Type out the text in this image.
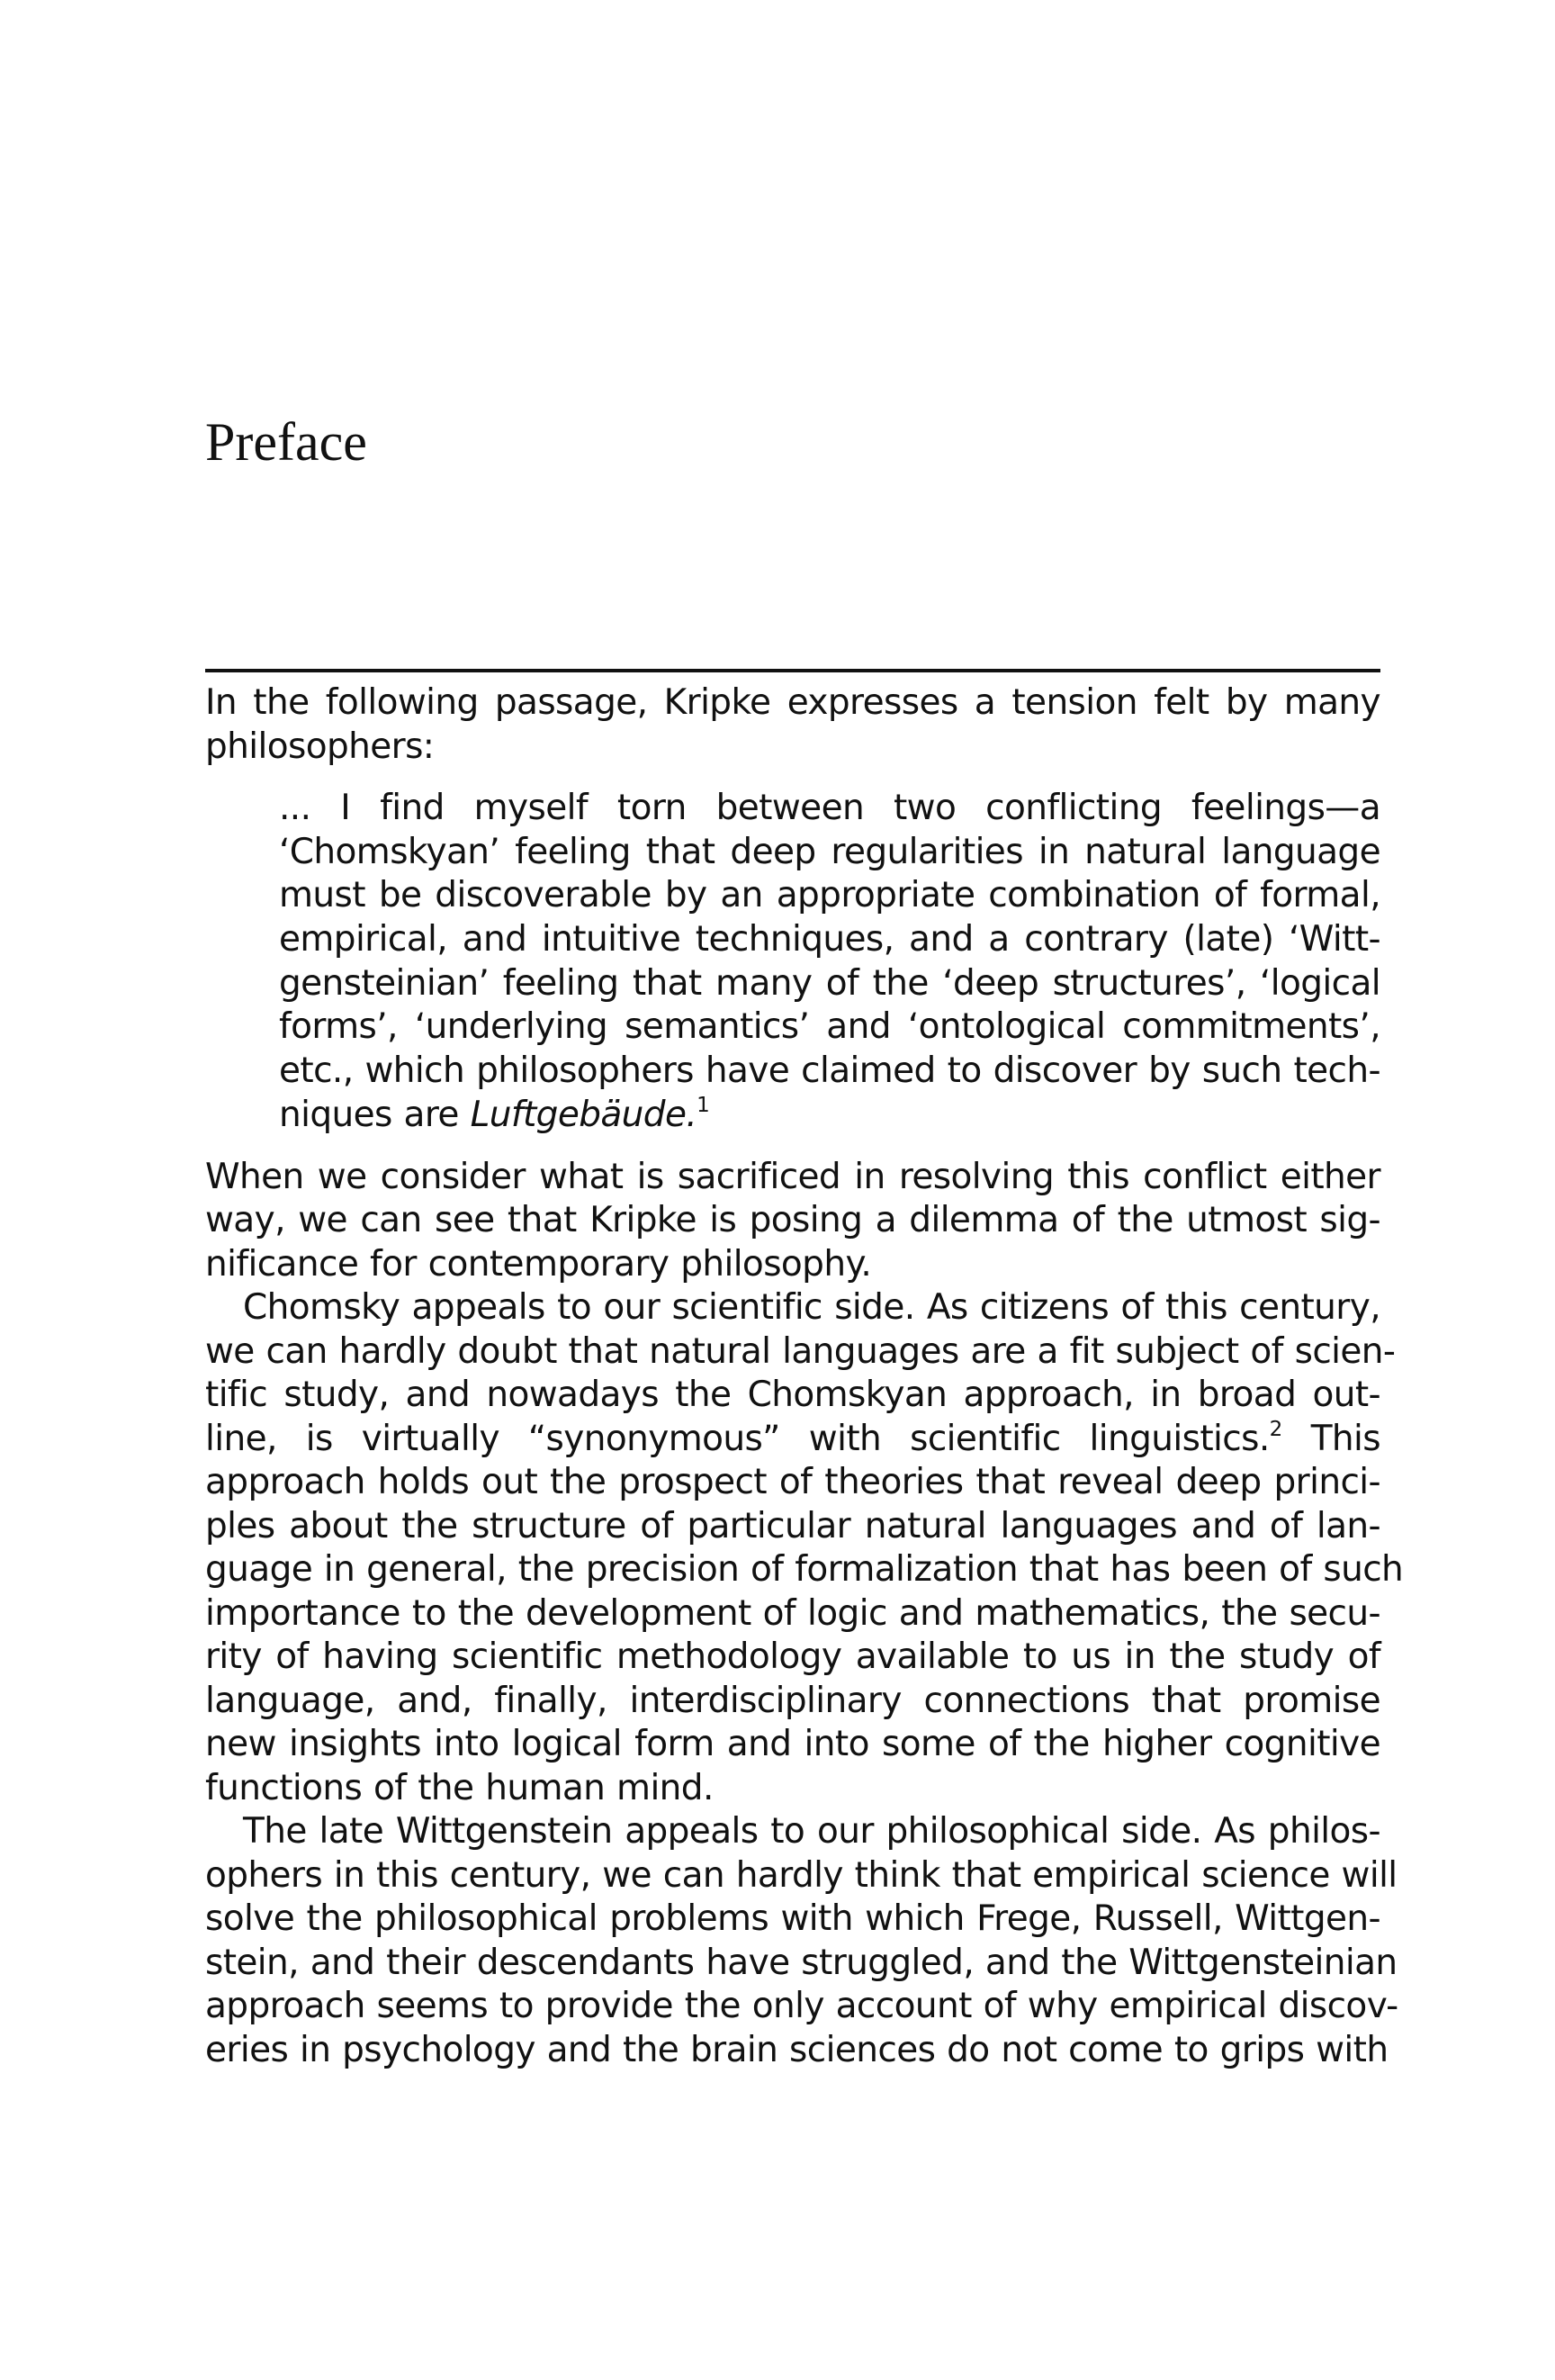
Preface
In the following passage, Kripke expresses a tension felt by many
philosophers:
... I find myself torn between two conflicting feelings—a
‘Chomskyan’ feeling that deep regularities in natural language
must be discoverable by an appropriate combination of formal,
empirical, and intuitive techniques, and a contrary (late) ‘Witt-
gensteinian’ feeling that many of the ‘deep structures’, ‘logical
forms’, ‘underlying semantics’ and ‘ontological commitments’,
etc., which philosophers have claimed to discover by such tech-
niques are Luftgebäude.$^1$
When we consider what is sacrificed in resolving this conflict either
way, we can see that Kripke is posing a dilemma of the utmost sig-
nificance for contemporary philosophy.
Chomsky appeals to our scientific side. As citizens of this century,
we can hardly doubt that natural languages are a fit subject of scien-
tific study, and nowadays the Chomskyan approach, in broad out-
line, is virtually “synonymous” with scientific linguistics.$^2$ This
approach holds out the prospect of theories that reveal deep princi-
ples about the structure of particular natural languages and of lan-
guage in general, the precision of formalization that has been of such
importance to the development of logic and mathematics, the secu-
rity of having scientific methodology available to us in the study of
language, and, finally, interdisciplinary connections that promise
new insights into logical form and into some of the higher cognitive
functions of the human mind.
The late Wittgenstein appeals to our philosophical side. As philos-
ophers in this century, we can hardly think that empirical science will
solve the philosophical problems with which Frege, Russell, Wittgen-
stein, and their descendants have struggled, and the Wittgensteinian
approach seems to provide the only account of why empirical discov-
eries in psychology and the brain sciences do not come to grips with
